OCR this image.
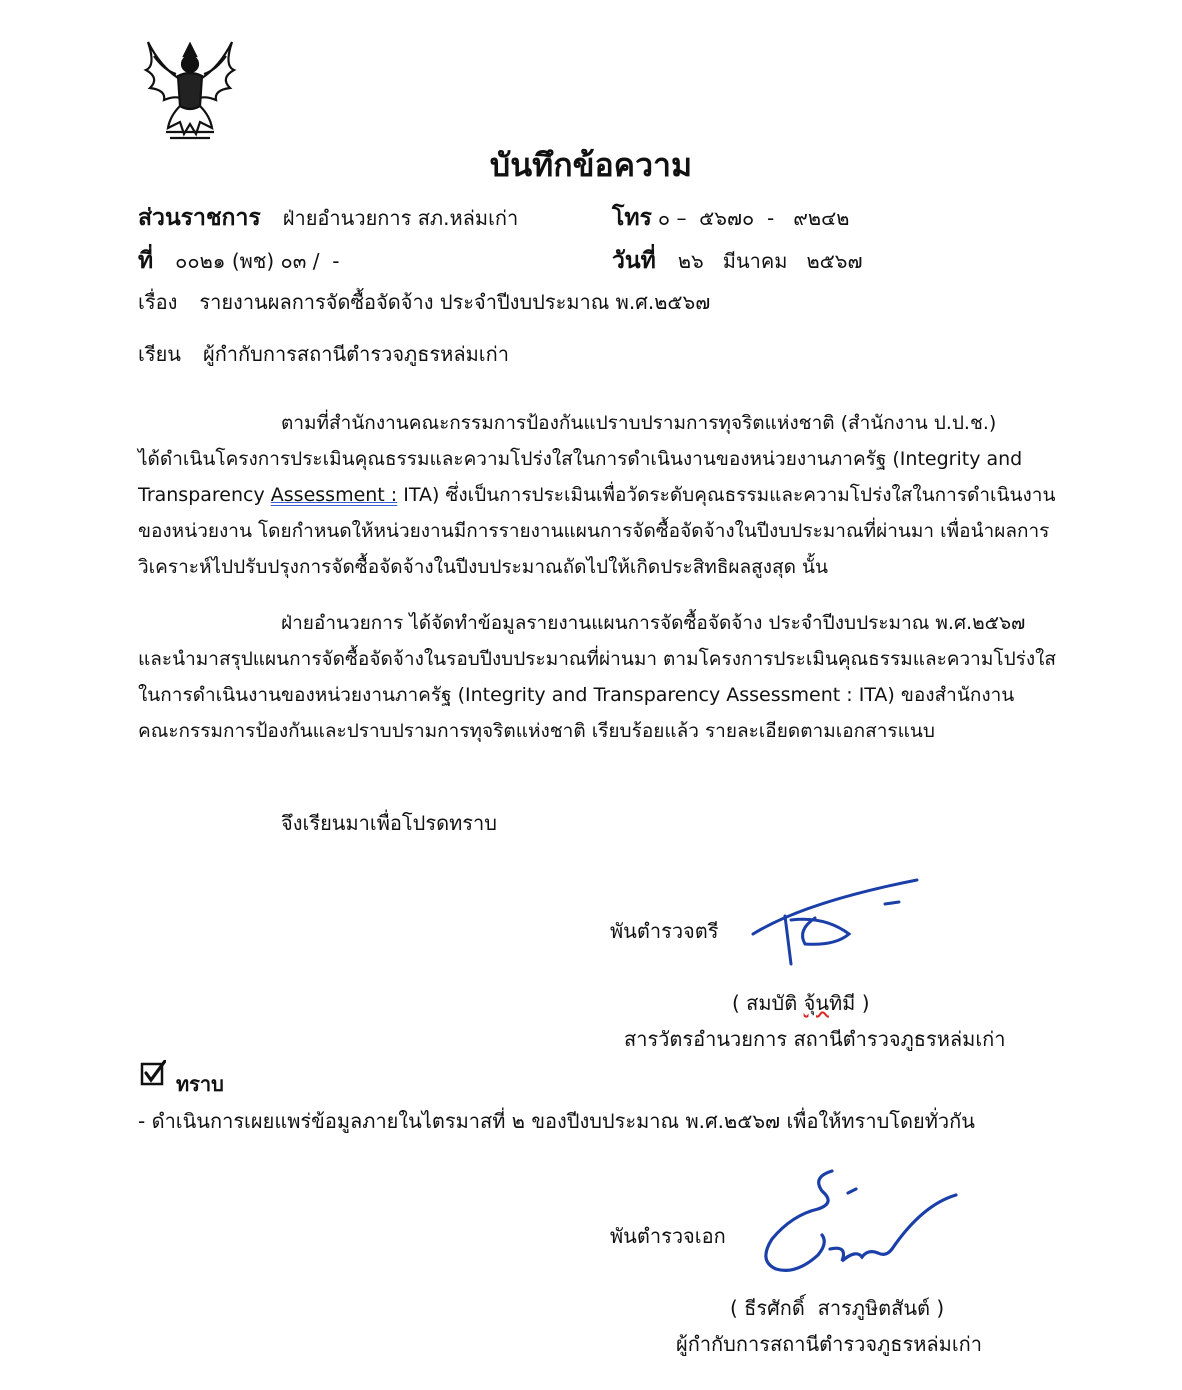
บันทึกข้อความ
ส่วนราชการ ฝ่ายอำนวยการ สภ.หล่มเก่า	โทร ๐ –  ๕๖๗๐  -   ๙๒๔๒
ที่ ๐๐๒๑ (พช) ๐๓ /  -	วันที่ ๒๖   มีนาคม   ๒๕๖๗
เรื่อง รายงานผลการจัดซื้อจัดจ้าง ประจำปีงบประมาณ พ.ศ.๒๕๖๗
เรียน ผู้กำกับการสถานีตำรวจภูธรหล่มเก่า
ตามที่สำนักงานคณะกรรมการป้องกันแปราบปรามการทุจริตแห่งชาติ (สำนักงาน ป.ป.ช.)
ได้ดำเนินโครงการประเมินคุณธรรมและความโปร่งใสในการดำเนินงานของหน่วยงานภาครัฐ (Integrity and
Transparency Assessment : ITA) ซึ่งเป็นการประเมินเพื่อวัดระดับคุณธรรมและความโปร่งใสในการดำเนินงาน
ของหน่วยงาน โดยกำหนดให้หน่วยงานมีการรายงานแผนการจัดซื้อจัดจ้างในปีงบประมาณที่ผ่านมา เพื่อนำผลการ
วิเคราะห์ไปปรับปรุงการจัดซื้อจัดจ้างในปีงบประมาณถัดไปให้เกิดประสิทธิผลสูงสุด นั้น
ฝ่ายอำนวยการ ได้จัดทำข้อมูลรายงานแผนการจัดซื้อจัดจ้าง ประจำปีงบประมาณ พ.ศ.๒๕๖๗
และนำมาสรุปแผนการจัดซื้อจัดจ้างในรอบปีงบประมาณที่ผ่านมา ตามโครงการประเมินคุณธรรมและความโปร่งใส
ในการดำเนินงานของหน่วยงานภาครัฐ (Integrity and Transparency Assessment : ITA) ของสำนักงาน
คณะกรรมการป้องกันและปราบปรามการทุจริตแห่งชาติ เรียบร้อยแล้ว รายละเอียดตามเอกสารแนบ
จึงเรียนมาเพื่อโปรดทราบ
พันตำรวจตรี
( สมบัติ จุ้นทิมี )
สารวัตรอำนวยการ สถานีตำรวจภูธรหล่มเก่า
ทราบ
- ดำเนินการเผยแพร่ข้อมูลภายในไตรมาสที่ ๒ ของปีงบประมาณ พ.ศ.๒๕๖๗ เพื่อให้ทราบโดยทั่วกัน
พันตำรวจเอก
( ธีรศักดิ์  สารภูษิตสันต์ )
ผู้กำกับการสถานีตำรวจภูธรหล่มเก่า
